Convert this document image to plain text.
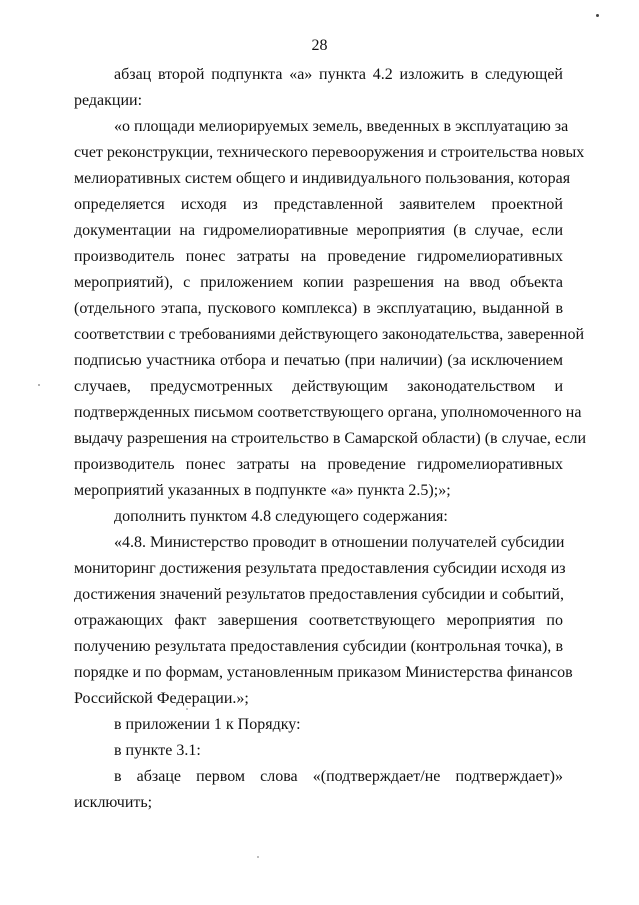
28
абзац второй подпункта «а» пункта 4.2 изложить в следующей
редакции:
«о площади мелиорируемых земель, введенных в эксплуатацию за
счет реконструкции, технического перевооружения и строительства новых
мелиоративных систем общего и индивидуального пользования, которая
определяется исходя из представленной заявителем проектной
документации на гидромелиоративные мероприятия (в случае, если
производитель понес затраты на проведение гидромелиоративных
мероприятий), с приложением копии разрешения на ввод объекта
(отдельного этапа, пускового комплекса) в эксплуатацию, выданной в
соответствии с требованиями действующего законодательства, заверенной
подписью участника отбора и печатью (при наличии) (за исключением
случаев, предусмотренных действующим законодательством и
подтвержденных письмом соответствующего органа, уполномоченного на
выдачу разрешения на строительство в Самарской области) (в случае, если
производитель понес затраты на проведение гидромелиоративных
мероприятий указанных в подпункте «а» пункта 2.5);»;
дополнить пунктом 4.8 следующего содержания:
«4.8. Министерство проводит в отношении получателей субсидии
мониторинг достижения результата предоставления субсидии исходя из
достижения значений результатов предоставления субсидии и событий,
отражающих факт завершения соответствующего мероприятия по
получению результата предоставления субсидии (контрольная точка), в
порядке и по формам, установленным приказом Министерства финансов
Российской Федерации.»;
в приложении 1 к Порядку:
в пункте 3.1:
в абзаце первом слова «(подтверждает/не подтверждает)»
исключить;
